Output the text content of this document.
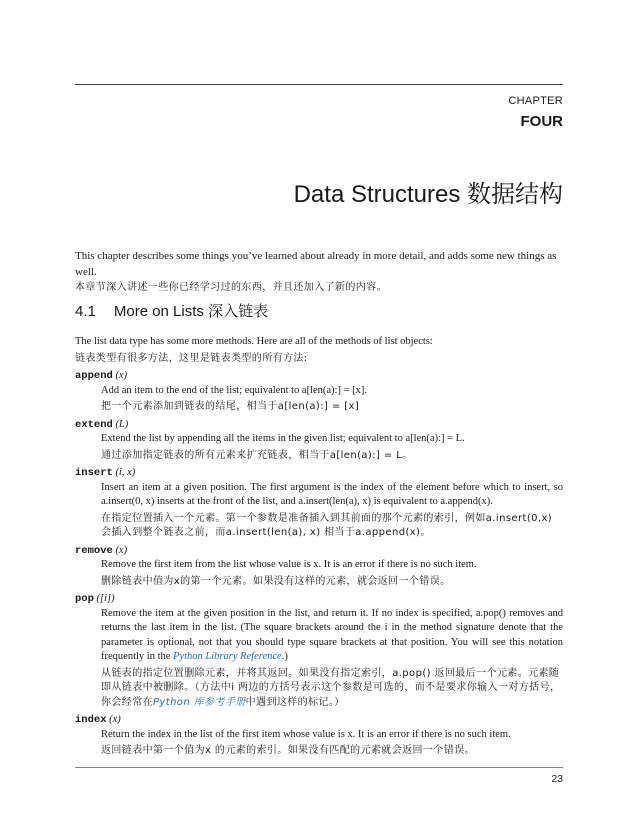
CHAPTER
FOUR
Data Structures 数据结构

This chapter describes some things you’ve learned about already in more detail, and adds some new things as well.

本章节深入讲述一些你已经学习过的东西，并且还加入了新的内容。

4.1 More on Lists 深入链表

The list data type has some more methods. Here are all of the methods of list objects:

链表类型有很多方法，这里是链表类型的所有方法:

append (x)

Add an item to the end of the list; equivalent to a[len(a):] = [x].

把一个元素添加到链表的结尾，相当于a[len(a):] = [x]
extend (L)

Extend the list by appending all the items in the given list; equivalent to a[len(a):] = L.

通过添加指定链表的所有元素来扩充链表，相当于a[len(a):] = L。
insert (i, x)

Insert an item at a given position. The first argument is the index of the element before which to insert, so a.insert(0, x) inserts at the front of the list, and a.insert(len(a), x) is equivalent to a.append(x).

在指定位置插入一个元素。第一个参数是准备插入到其前面的那个元素的索引，例如a.insert(0,x) 会插入到整个链表之前，而a.insert(len(a), x) 相当于a.append(x)。
remove (x)

Remove the first item from the list whose value is x. It is an error if there is no such item.

删除链表中值为x的第一个元素。如果没有这样的元素，就会返回一个错误。
pop ([i])

Remove the item at the given position in the list, and return it. If no index is specified, a.pop() removes and returns the last item in the list. (The square brackets around the i in the method signature denote that the parameter is optional, not that you should type square brackets at that position. You will see this notation frequently in the Python Library Reference.)

从链表的指定位置删除元素，并将其返回。如果没有指定索引，a.pop() 返回最后一个元素。元素随即从链表中被删除。（方法中i 两边的方括号表示这个参数是可选的，而不是要求你输入一对方括号，你会经常在Python 库参考手册中遇到这样的标记。）
index (x)

Return the index in the list of the first item whose value is x. It is an error if there is no such item.

返回链表中第一个值为x 的元素的索引。如果没有匹配的元素就会返回一个错误。
23
